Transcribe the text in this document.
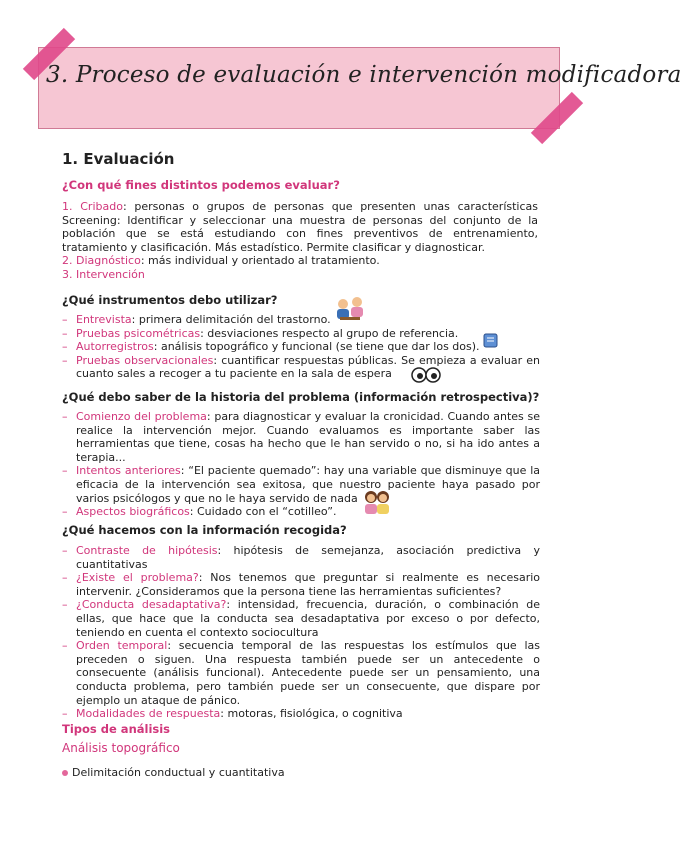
3. Proceso de evaluación e intervención modificadora
1. Evaluación
¿Con qué fines distintos podemos evaluar?
1. Cribado: personas o grupos de personas que presenten unas características Screening: Identificar y seleccionar una muestra de personas del conjunto de la población que se está estudiando con fines preventivos de entrenamiento, tratamiento y clasificación. Más estadístico. Permite clasificar y diagnosticar.
2. Diagnóstico: más individual y orientado al tratamiento.
3. Intervención
¿Qué instrumentos debo utilizar?
– Entrevista: primera delimitación del trastorno.
– Pruebas psicométricas: desviaciones respecto al grupo de referencia.
– Autorregistros: análisis topográfico y funcional (se tiene que dar los dos).
– Pruebas observacionales: cuantificar respuestas públicas. Se empieza a evaluar en cuanto sales a recoger a tu paciente en la sala de espera
¿Qué debo saber de la historia del problema (información retrospectiva)?
– Comienzo del problema: para diagnosticar y evaluar la cronicidad. Cuando antes se realice la intervención mejor. Cuando evaluamos es importante saber las herramientas que tiene, cosas ha hecho que le han servido o no, si ha ido antes a terapia...
– Intentos anteriores: “El paciente quemado”: hay una variable que disminuye que la eficacia de la intervención sea exitosa, que nuestro paciente haya pasado por varios psicólogos y que no le haya servido de nada
– Aspectos biográficos: Cuidado con el “cotilleo”.
¿Qué hacemos con la información recogida?
– Contraste de hipótesis: hipótesis de semejanza, asociación predictiva y cuantitativas
– ¿Existe el problema?: Nos tenemos que preguntar si realmente es necesario intervenir. ¿Consideramos que la persona tiene las herramientas suficientes?
– ¿Conducta desadaptativa?: intensidad, frecuencia, duración, o combinación de ellas, que hace que la conducta sea desadaptativa por exceso o por defecto, teniendo en cuenta el contexto sociocultura
– Orden temporal: secuencia temporal de las respuestas los estímulos que las preceden o siguen. Una respuesta también puede ser un antecedente o consecuente (análisis funcional). Antecedente puede ser un pensamiento, una conducta problema, pero también puede ser un consecuente, que dispare por ejemplo un ataque de pánico.
– Modalidades de respuesta: motoras, fisiológica, o cognitiva
Tipos de análisis
Análisis topográfico
Delimitación conductual y cuantitativa
